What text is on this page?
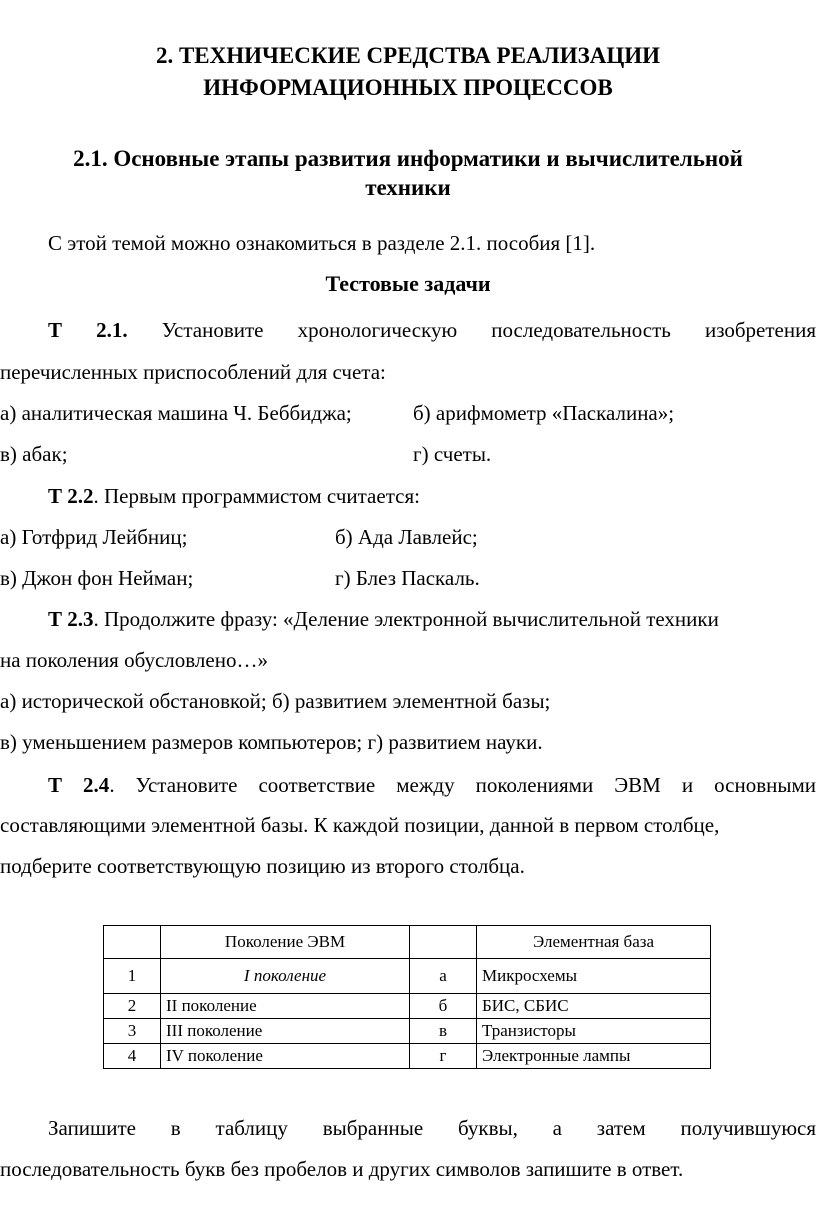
2. ТЕХНИЧЕСКИЕ СРЕДСТВА РЕАЛИЗАЦИИ
ИНФОРМАЦИОННЫХ ПРОЦЕССОВ
2.1. Основные этапы развития информатики и вычислительной
техники
С этой темой можно ознакомиться в разделе 2.1. пособия [1].
Тестовые задачи
Т 2.1. Установите хронологическую последовательность изобретения
перечисленных приспособлений для счета:
а) аналитическая машина Ч. Беббиджа;	б) арифмометр «Паскалина»;
в) абак;	г) счеты.
Т 2.2. Первым программистом считается:
а) Готфрид Лейбниц;	б) Ада Лавлейс;
в) Джон фон Нейман;	г) Блез Паскаль.
Т 2.3. Продолжите фразу: «Деление электронной вычислительной техники
на поколения обусловлено…»
а) исторической обстановкой; б) развитием элементной базы;
в) уменьшением размеров компьютеров; г) развитием науки.
Т 2.4. Установите соответствие между поколениями ЭВМ и основными
составляющими элементной базы. К каждой позиции, данной в первом столбце,
подберите соответствующую позицию из второго столбца.
	Поколение ЭВМ		Элементная база
1	I поколение	а	Микросхемы
2	II поколение	б	БИС, СБИС
3	III поколение	в	Транзисторы
4	IV поколение	г	Электронные лампы
Запишите в таблицу выбранные буквы, а затем получившуюся
последовательность букв без пробелов и других символов запишите в ответ.
